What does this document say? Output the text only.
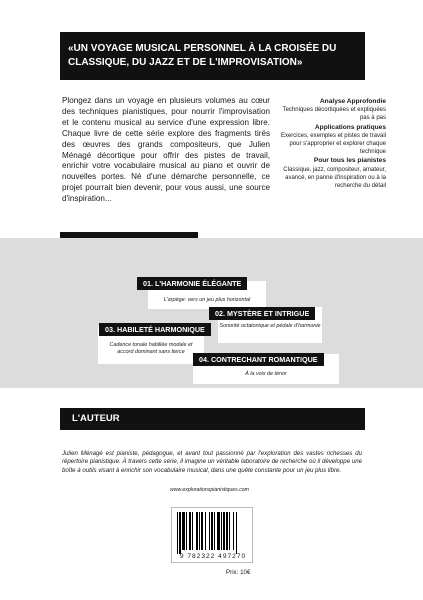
«UN VOYAGE MUSICAL PERSONNEL À LA CROISÉE DU CLASSIQUE, DU JAZZ ET DE L'IMPROVISATION»
Plongez dans un voyage en plusieurs volumes au cœur des techniques pianistiques, pour nourrir l'improvisation et le contenu musical au service d'une expression libre. Chaque livre de cette série explore des fragments tirés des œuvres des grands compositeurs, que Julien Ménagé décortique pour offrir des pistes de travail, enrichir votre vocabulaire musical au piano et ouvrir de nouvelles portes. Né d'une démarche personnelle, ce projet pourrait bien devenir, pour vous aussi, une source d'inspiration...
Analyse Approfondie
Techniques décortiquées et expliquées pas à pas
Applications pratiques
Exercices, exemples et pistes de travail pour s'approprier et explorer chaque technique
Pour tous les pianistes
Classique, jazz, compositeur, amateur, avancé, en panne d'inspiration ou à la recherche du détail
L'arpège: vers un jeu plus horizontal
01. L'HARMONIE ÉLÉGANTE
Sonorité octatonique et pédale d'harmonie
02. MYSTÈRE ET INTRIGUE
Cadence tonale habillée modale et accord dominant sans tierce
03. HABILETÉ HARMONIQUE
À la voix de ténor
04. CONTRECHANT ROMANTIQUE
L'AUTEUR
Julien Ménagé est pianiste, pédagogue, et avant tout passionné par l'exploration des vastes richesses du répertoire pianistique. À travers cette série, il imagine un véritable laboratoire de recherche où il développe une boîte à outils visant à enrichir son vocabulaire musical, dans une quête constante pour un jeu plus libre.
www.explorationspianistiques.com
9 782322 497270
Prix: 10€
